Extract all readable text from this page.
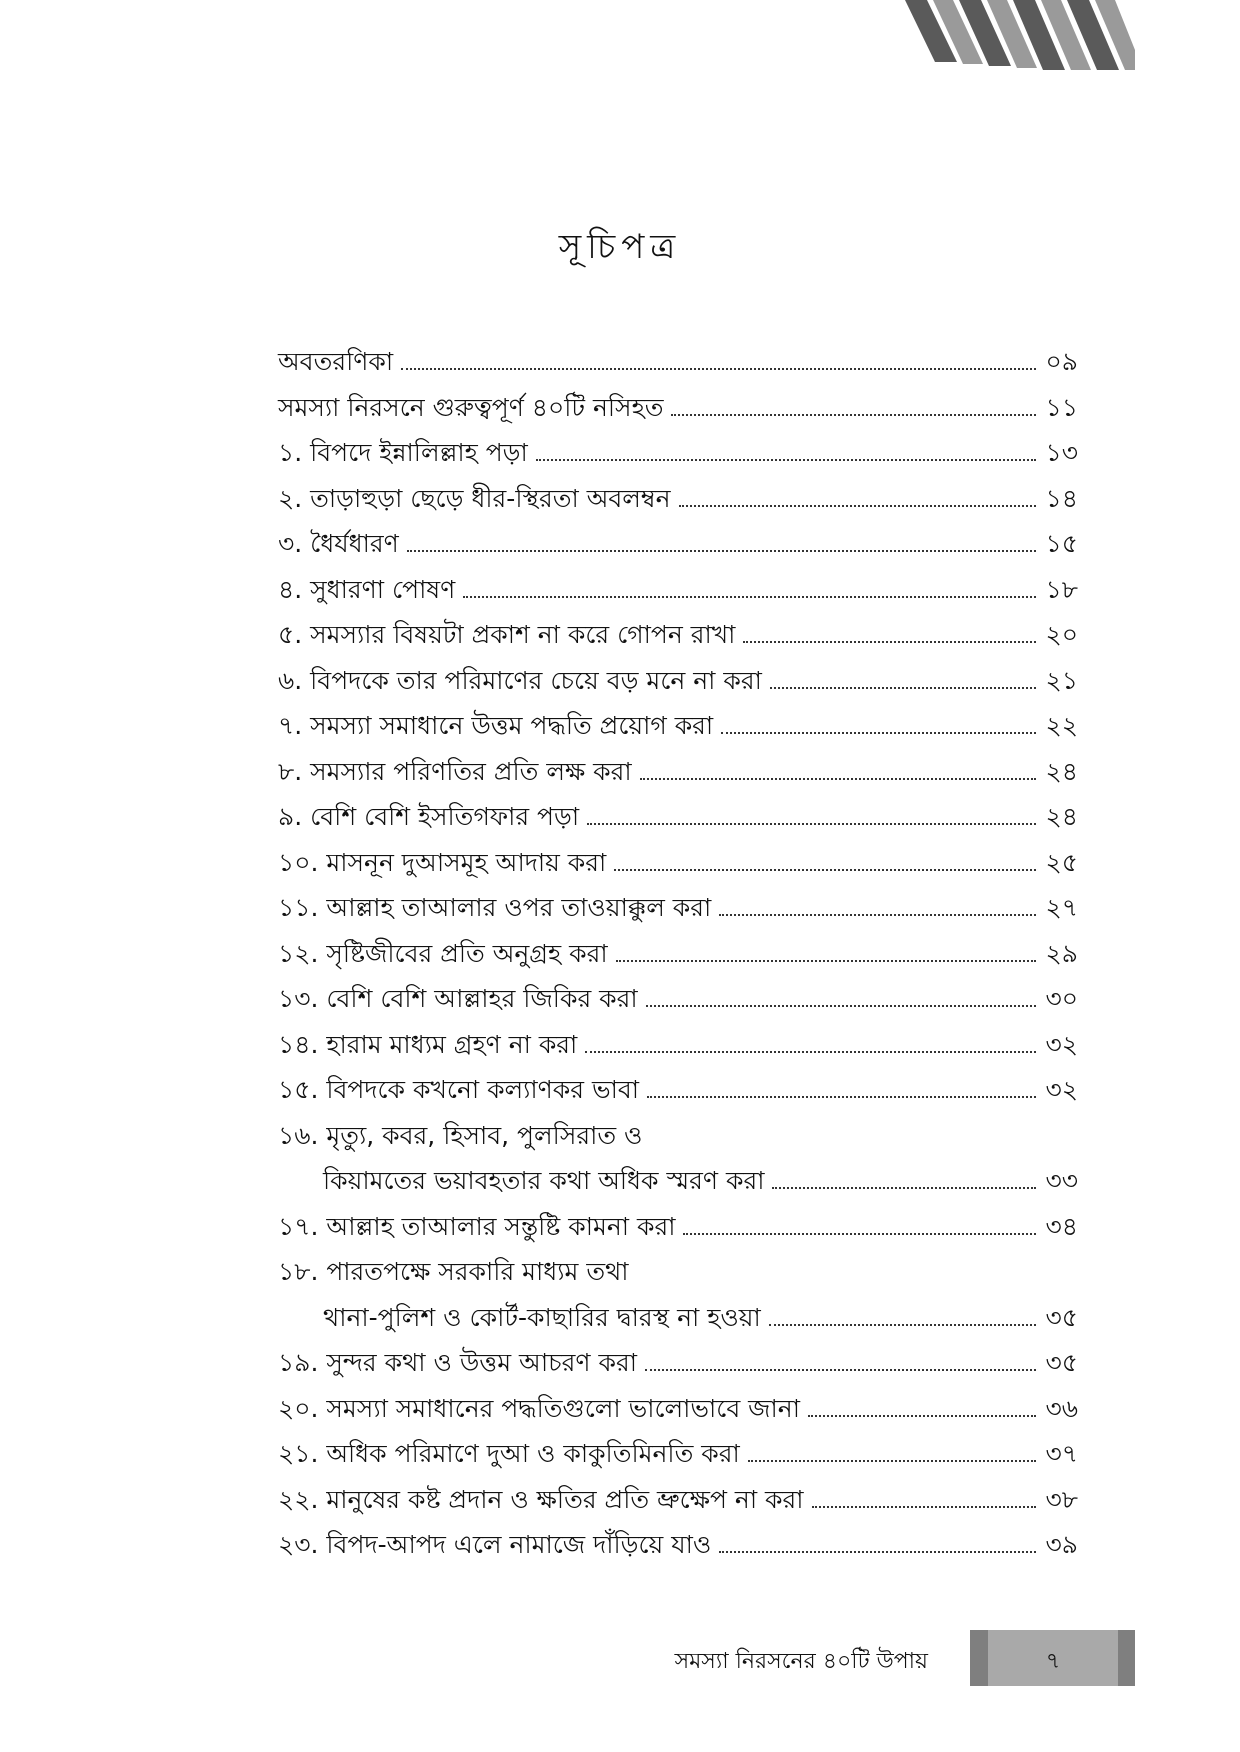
সূচিপত্র
অবতরণিকা	০৯
সমস্যা নিরসনে গুরুত্বপূর্ণ ৪০টি নসিহত	১১
১. বিপদে ইন্নালিল্লাহ পড়া	১৩
২. তাড়াহুড়া ছেড়ে ধীর-স্থিরতা অবলম্বন	১৪
৩. ধৈর্যধারণ	১৫
৪. সুধারণা পোষণ	১৮
৫. সমস্যার বিষয়টা প্রকাশ না করে গোপন রাখা	২০
৬. বিপদকে তার পরিমাণের চেয়ে বড় মনে না করা	২১
৭. সমস্যা সমাধানে উত্তম পদ্ধতি প্রয়োগ করা	২২
৮. সমস্যার পরিণতির প্রতি লক্ষ করা	২৪
৯. বেশি বেশি ইসতিগফার পড়া	২৪
১০. মাসনূন দুআসমূহ আদায় করা	২৫
১১. আল্লাহ তাআলার ওপর তাওয়াক্কুল করা	২৭
১২. সৃষ্টিজীবের প্রতি অনুগ্রহ করা	২৯
১৩. বেশি বেশি আল্লাহর জিকির করা	৩০
১৪. হারাম মাধ্যম গ্রহণ না করা	৩২
১৫. বিপদকে কখনো কল্যাণকর ভাবা	৩২
১৬. মৃত্যু, কবর, হিসাব, পুলসিরাত ও
কিয়ামতের ভয়াবহতার কথা অধিক স্মরণ করা	৩৩
১৭. আল্লাহ তাআলার সন্তুষ্টি কামনা করা	৩৪
১৮. পারতপক্ষে সরকারি মাধ্যম তথা
থানা-পুলিশ ও কোর্ট-কাছারির দ্বারস্থ না হওয়া	৩৫
১৯. সুন্দর কথা ও উত্তম আচরণ করা	৩৫
২০. সমস্যা সমাধানের পদ্ধতিগুলো ভালোভাবে জানা	৩৬
২১. অধিক পরিমাণে দুআ ও কাকুতিমিনতি করা	৩৭
২২. মানুষের কষ্ট প্রদান ও ক্ষতির প্রতি ভ্রুক্ষেপ না করা	৩৮
২৩. বিপদ-আপদ এলে নামাজে দাঁড়িয়ে যাও	৩৯
সমস্যা নিরসনের ৪০টি উপায়	৭
